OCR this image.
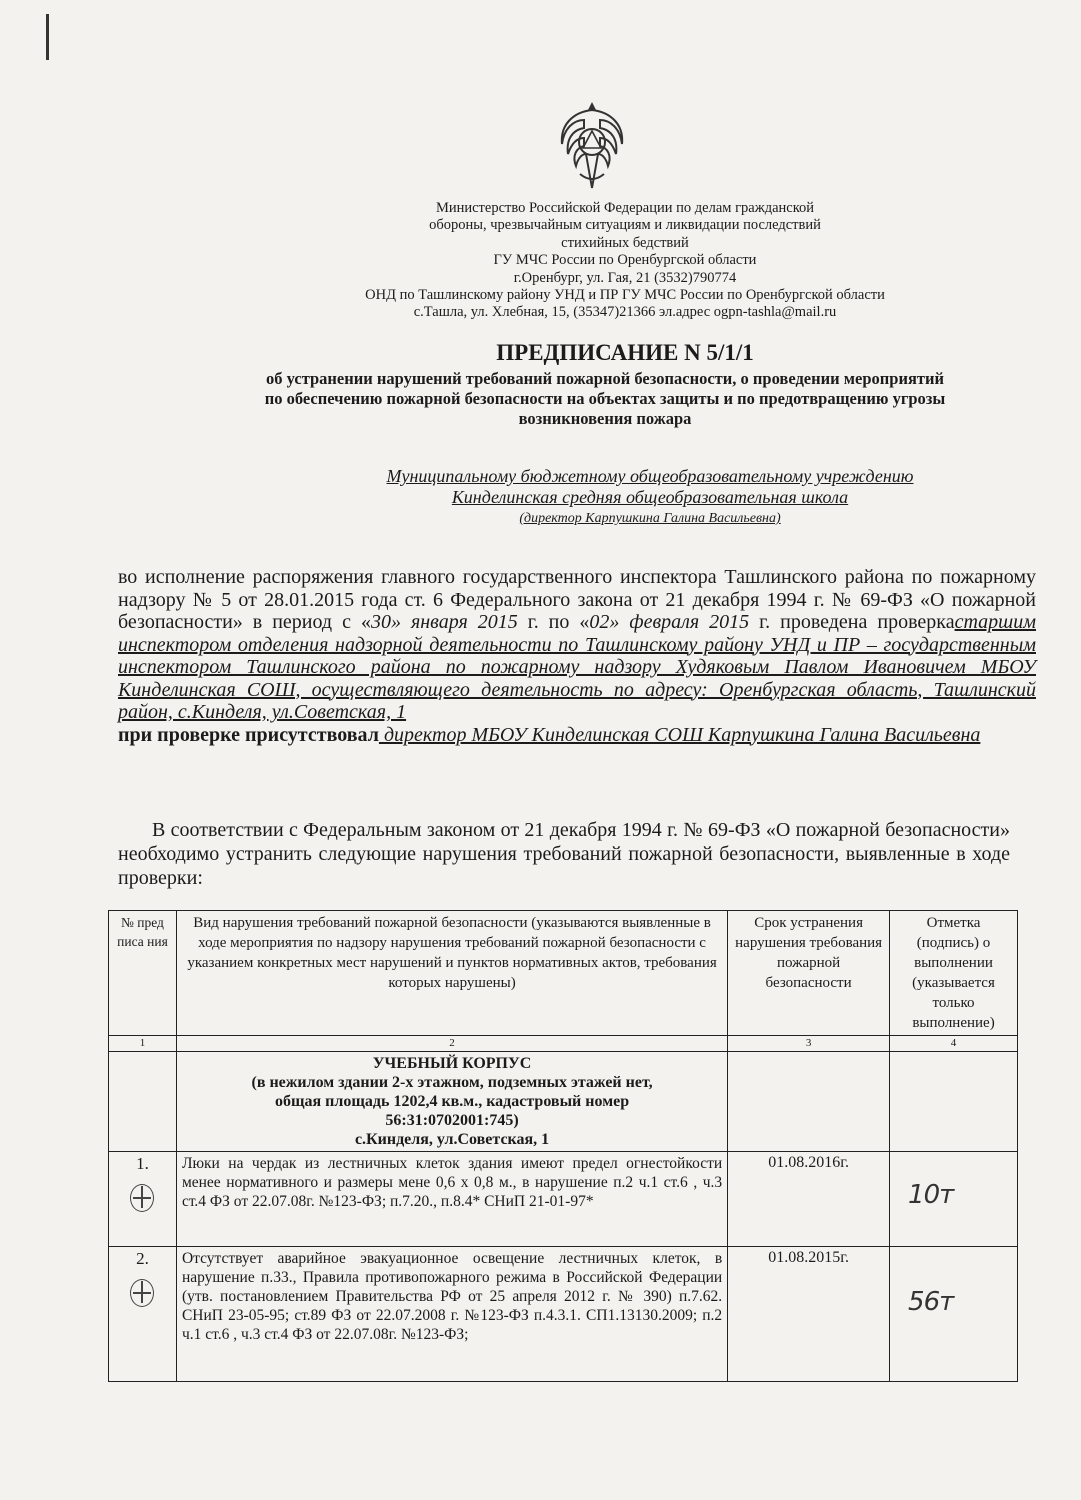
Министерство Российской Федерации по делам гражданской
обороны, чрезвычайным ситуациям и ликвидации последствий
стихийных бедствий
ГУ МЧС России по Оренбургской области
г.Оренбург, ул. Гая, 21 (3532)790774
ОНД по Ташлинскому району УНД и ПР ГУ МЧС России по Оренбургской области
с.Ташла, ул. Хлебная, 15, (35347)21366 эл.адрес ogpn-tashla@mail.ru
ПРЕДПИСАНИЕ N 5/1/1
об устранении нарушений требований пожарной безопасности, о проведении мероприятий
по обеспечению пожарной безопасности на объектах защиты и по предотвращению угрозы
возникновения пожара
Муниципальному бюджетному общеобразовательному учреждению
Кинделинская средняя общеобразовательная школа
(директор Карпушкина Галина Васильевна)

во исполнение распоряжения главного государственного инспектора Ташлинского района по пожарному надзору № 5 от 28.01.2015 года ст. 6 Федерального закона от 21 декабря 1994 г. № 69-ФЗ «О пожарной безопасности» в период с «30» января 2015 г. по «02» февраля 2015 г. проведена проверкастаршим инспектором отделения надзорной деятельности по Ташлинскому району УНД и ПР – государственным инспектором Ташлинского района по пожарному надзору Худяковым Павлом Ивановичем МБОУ Кинделинская СОШ, осуществляющего деятельность по адресу: Оренбургская область, Ташлинский район, с.Кинделя, ул.Советская, 1

при проверке присутствовал директор МБОУ Кинделинская СОШ Карпушкина Галина Васильевна

В соответствии с Федеральным законом от 21 декабря 1994 г. № 69-ФЗ «О пожарной безопасности» необходимо устранить следующие нарушения требований пожарной безопасности, выявленные в ходе проверки:
№ пред писа ния	Вид нарушения требований пожарной безопасности (указываются выявленные в ходе мероприятия по надзору нарушения требований пожарной безопасности с указанием конкретных мест нарушений и пунктов нормативных актов, требования которых нарушены)	Срок устранения нарушения требования пожарной безопасности	Отметка (подпись) о выполнении (указывается только выполнение)
1	2	3	4

	УЧЕБНЫЙ КОРПУС
(в нежилом здании 2-х этажном, подземных этажей нет,
общая площадь 1202,4 кв.м., кадастровый номер
56:31:0702001:745)
с.Кинделя, ул.Советская, 1		

1.	Люки на чердак из лестничных клеток здания имеют предел огнестойкости менее нормативного и размеры мене 0,6 х 0,8 м., в нарушение п.2 ч.1 ст.6 , ч.3 ст.4 ФЗ от 22.07.08г. №123-ФЗ; п.7.20., п.8.4* СНиП 21-01-97*	01.08.2016г.	10т

2.	Отсутствует аварийное эвакуационное освещение лестничных клеток, в нарушение п.33., Правила противопожарного режима в Российской Федерации (утв. постановлением Правительства РФ от 25 апреля 2012 г. № 390) п.7.62. СНиП 23-05-95; ст.89 ФЗ от 22.07.2008 г. №123-ФЗ п.4.3.1. СП1.13130.2009; п.2 ч.1 ст.6 , ч.3 ст.4 ФЗ от 22.07.08г. №123-ФЗ;	01.08.2015г.	56т
